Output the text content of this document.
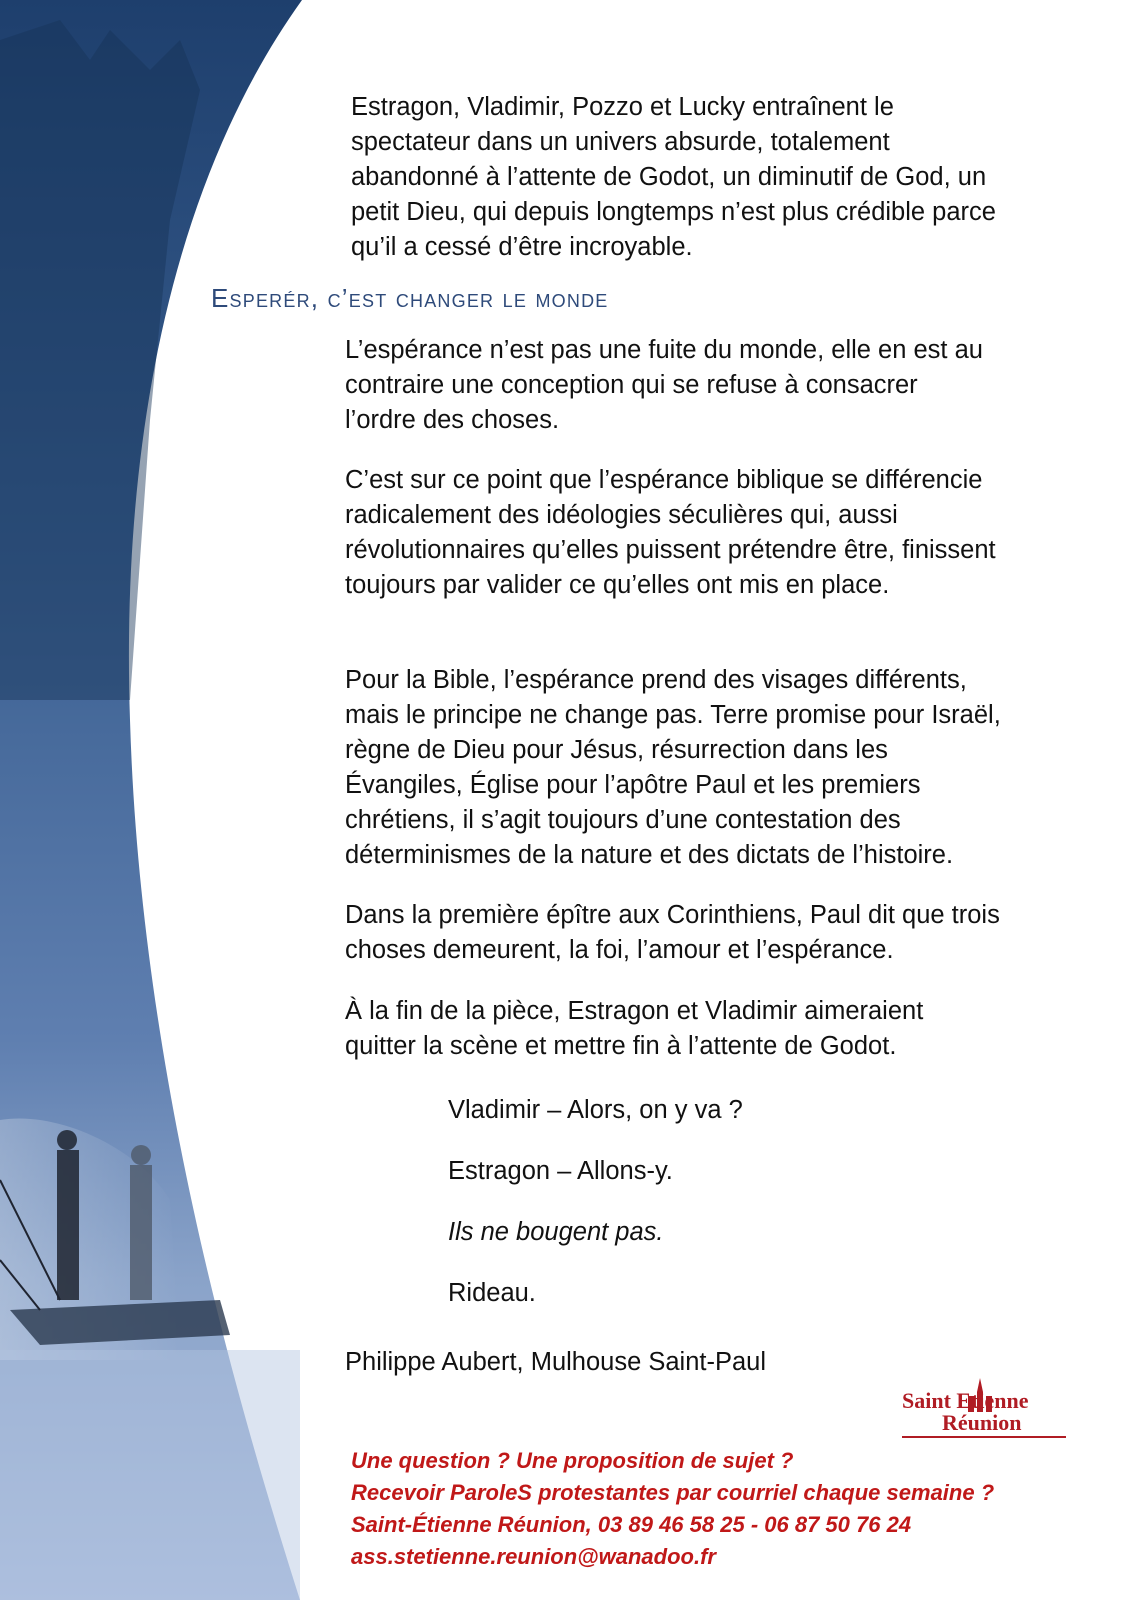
Estragon, Vladimir, Pozzo et Lucky entraînent le spectateur dans un univers absurde, totalement abandonné à l’attente de Godot, un diminutif de God, un petit Dieu, qui depuis longtemps n’est plus crédible parce qu’il a cessé d’être incroyable.

Esperér, c’est changer le monde

L’espérance n’est pas une fuite du monde, elle en est au contraire une conception qui se refuse à consacrer l’ordre des choses.

C’est sur ce point que l’espérance biblique se différencie radicalement des idéologies séculières qui, aussi révolutionnaires qu’elles puissent prétendre être, finissent toujours par valider ce qu’elles ont mis en place.

Pour la Bible, l’espérance prend des visages différents, mais le principe ne change pas. Terre promise pour Israël, règne de Dieu pour Jésus, résurrection dans les Évangiles, Église pour l’apôtre Paul et les premiers chrétiens, il s’agit toujours d’une contestation des déterminismes de la nature et des dictats de l’histoire.

Dans la première épître aux Corinthiens, Paul dit que trois choses demeurent, la foi, l’amour et l’espérance.

À la fin de la pièce, Estragon et Vladimir aimeraient quitter la scène et mettre fin à l’attente de Godot.

Vladimir – Alors, on y va ?

Estragon – Allons-y.

Ils ne bougent pas.

Rideau.

Philippe Aubert, Mulhouse Saint-Paul

Saint Etienne
Réunion

Une question ? Une proposition de sujet ?

Recevoir ParoleS protestantes par courriel chaque semaine ?

Saint-Étienne Réunion, 03 89 46 58 25 - 06 87 50 76 24

ass.stetienne.reunion@wanadoo.fr
